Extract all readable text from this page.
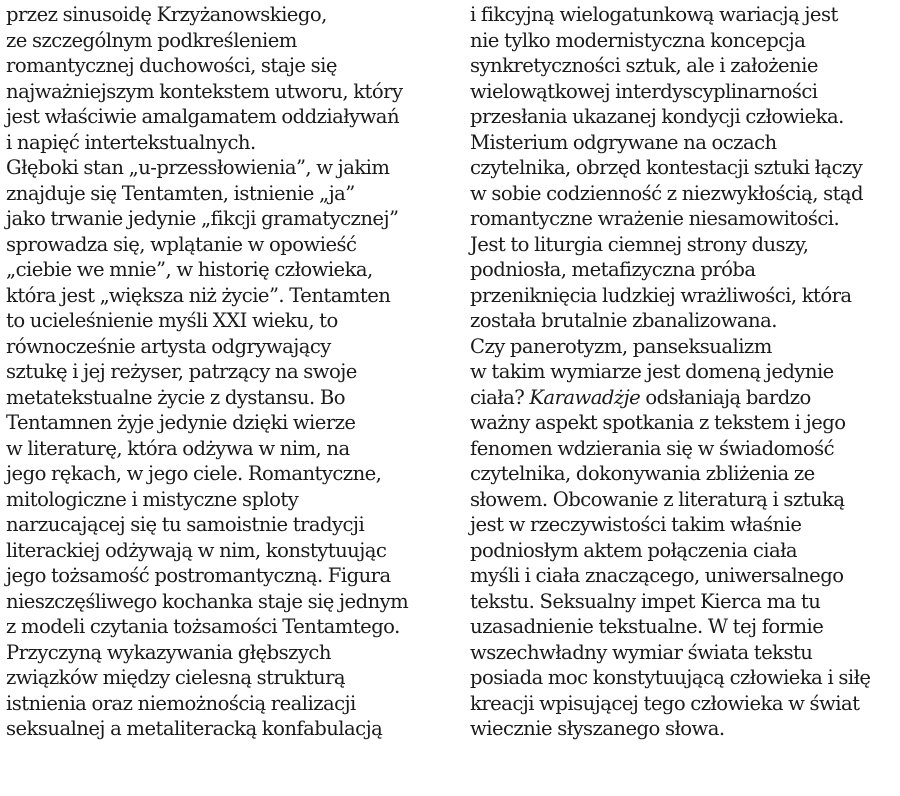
przez sinusoidę Krzyżanowskiego,
ze szczególnym podkreśleniem
romantycznej duchowości, staje się
najważniejszym kontekstem utworu, który
jest właściwie amalgamatem oddziaływań
i napięć intertekstualnych.
Głęboki stan „u-przessłowienia”, w jakim
znajduje się Tentamten, istnienie „ja”
jako trwanie jedynie „fikcji gramatycznej”
sprowadza się, wplątanie w opowieść
„ciebie we mnie”, w historię człowieka,
która jest „większa niż życie”. Tentamten
to ucieleśnienie myśli XXI wieku, to
równocześnie artysta odgrywający
sztukę i jej reżyser, patrzący na swoje
metatekstualne życie z dystansu. Bo
Tentamnen żyje jedynie dzięki wierze
w literaturę, która odżywa w nim, na
jego rękach, w jego ciele. Romantyczne,
mitologiczne i mistyczne sploty
narzucającej się tu samoistnie tradycji
literackiej odżywają w nim, konstytuując
jego tożsamość postromantyczną. Figura
nieszczęśliwego kochanka staje się jednym
z modeli czytania tożsamości Tentamtego.
Przyczyną wykazywania głębszych
związków między cielesną strukturą
istnienia oraz niemożnością realizacji
seksualnej a metaliteracką konfabulacją
i fikcyjną wielogatunkową wariacją jest
nie tylko modernistyczna koncepcja
synkretyczności sztuk, ale i założenie
wielowątkowej interdyscyplinarności
przesłania ukazanej kondycji człowieka.
Misterium odgrywane na oczach
czytelnika, obrzęd kontestacji sztuki łączy
w sobie codzienność z niezwykłością, stąd
romantyczne wrażenie niesamowitości.
Jest to liturgia ciemnej strony duszy,
podniosła, metafizyczna próba
przeniknięcia ludzkiej wrażliwości, która
została brutalnie zbanalizowana.
Czy panerotyzm, panseksualizm
w takim wymiarze jest domeną jedynie
ciała? Karawadżje odsłaniają bardzo
ważny aspekt spotkania z tekstem i jego
fenomen wdzierania się w świadomość
czytelnika, dokonywania zbliżenia ze
słowem. Obcowanie z literaturą i sztuką
jest w rzeczywistości takim właśnie
podniosłym aktem połączenia ciała
myśli i ciała znaczącego, uniwersalnego
tekstu. Seksualny impet Kierca ma tu
uzasadnienie tekstualne. W tej formie
wszechwładny wymiar świata tekstu
posiada moc konstytuującą człowieka i siłę
kreacji wpisującej tego człowieka w świat
wiecznie słyszanego słowa.
